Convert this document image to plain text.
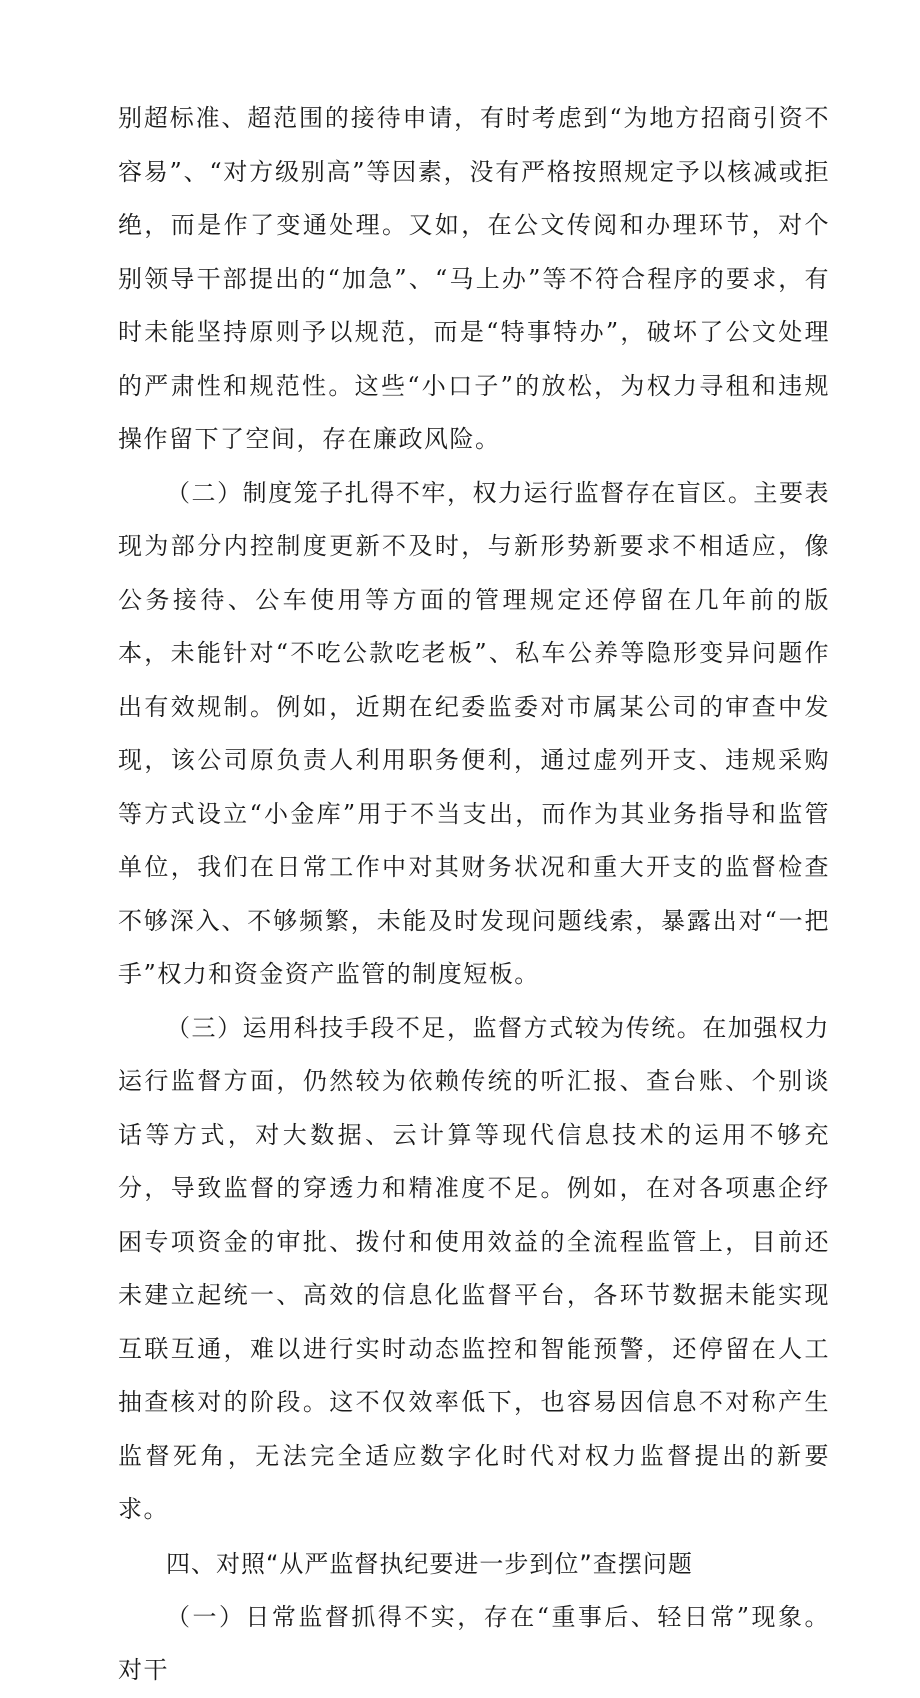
别超标准、超范围的接待申请，有时考虑到“为地方招商引资不容易”、“对方级别高”等因素，没有严格按照规定予以核减或拒绝，而是作了变通处理。又如，在公文传阅和办理环节，对个别领导干部提出的“加急”、“马上办”等不符合程序的要求，有时未能坚持原则予以规范，而是“特事特办”，破坏了公文处理的严肃性和规范性。这些“小口子”的放松，为权力寻租和违规操作留下了空间，存在廉政风险。

（二）制度笼子扎得不牢，权力运行监督存在盲区。主要表现为部分内控制度更新不及时，与新形势新要求不相适应，像公务接待、公车使用等方面的管理规定还停留在几年前的版本，未能针对“不吃公款吃老板”、私车公养等隐形变异问题作出有效规制。例如，近期在纪委监委对市属某公司的审查中发现，该公司原负责人利用职务便利，通过虚列开支、违规采购等方式设立“小金库”用于不当支出，而作为其业务指导和监管单位，我们在日常工作中对其财务状况和重大开支的监督检查不够深入、不够频繁，未能及时发现问题线索，暴露出对“一把手”权力和资金资产监管的制度短板。

（三）运用科技手段不足，监督方式较为传统。在加强权力运行监督方面，仍然较为依赖传统的听汇报、查台账、个别谈话等方式，对大数据、云计算等现代信息技术的运用不够充分，导致监督的穿透力和精准度不足。例如，在对各项惠企纾困专项资金的审批、拨付和使用效益的全流程监管上，目前还未建立起统一、高效的信息化监督平台，各环节数据未能实现互联互通，难以进行实时动态监控和智能预警，还停留在人工抽查核对的阶段。这不仅效率低下，也容易因信息不对称产生监督死角，无法完全适应数字化时代对权力监督提出的新要求。

四、对照“从严监督执纪要进一步到位”查摆问题

（一）日常监督抓得不实，存在“重事后、轻日常”现象。对干
